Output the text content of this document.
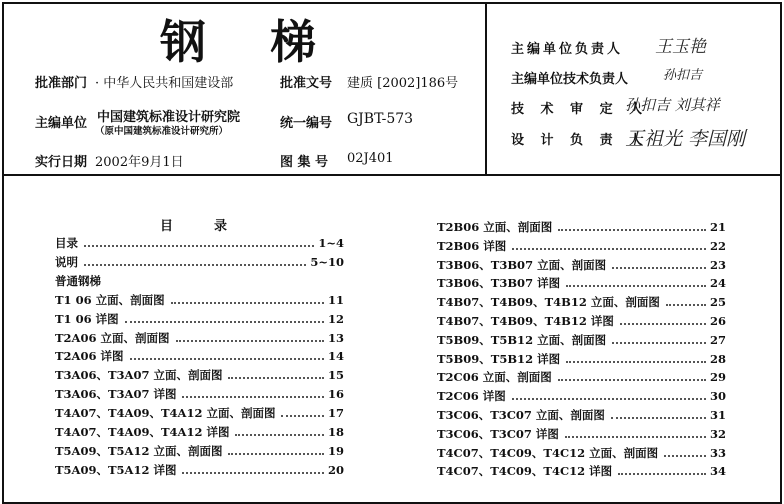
钢 梯
批准部门 · 中华人民共和国建设部	批准文号 建质 [2002]186号
主编单位 中国建筑标准设计研究院
（原中国建筑标准设计研究所）
统一编号 GJBT-573
实行日期 2002年9月1日	图 集 号 02J401
主编单位负责人 王玉艳
主编单位技术负责人	孙扣吉
技 术 审 定 人
孙扣吉 刘其祥
设 计 负 责 人
王祖光 李国刚
目	录
目录	1~4
说明	5~10
普通钢梯
T1 06 立面、剖面图	11
T1 06 详图	12
T2A06 立面、剖面图	13
T2A06 详图	14
T3A06、T3A07 立面、剖面图	15
T3A06、T3A07 详图	16
T4A07、T4A09、T4A12 立面、剖面图	17
T4A07、T4A09、T4A12 详图	18
T5A09、T5A12 立面、剖面图	19
T5A09、T5A12 详图	20
T2B06 立面、剖面图	21
T2B06 详图	22
T3B06、T3B07 立面、剖面图	23
T3B06、T3B07 详图	24
T4B07、T4B09、T4B12 立面、剖面图	25
T4B07、T4B09、T4B12 详图	26
T5B09、T5B12 立面、剖面图	27
T5B09、T5B12 详图	28
T2C06 立面、剖面图	29
T2C06 详图	30
T3C06、T3C07 立面、剖面图	31
T3C06、T3C07 详图	32
T4C07、T4C09、T4C12 立面、剖面图	33
T4C07、T4C09、T4C12 详图	34
